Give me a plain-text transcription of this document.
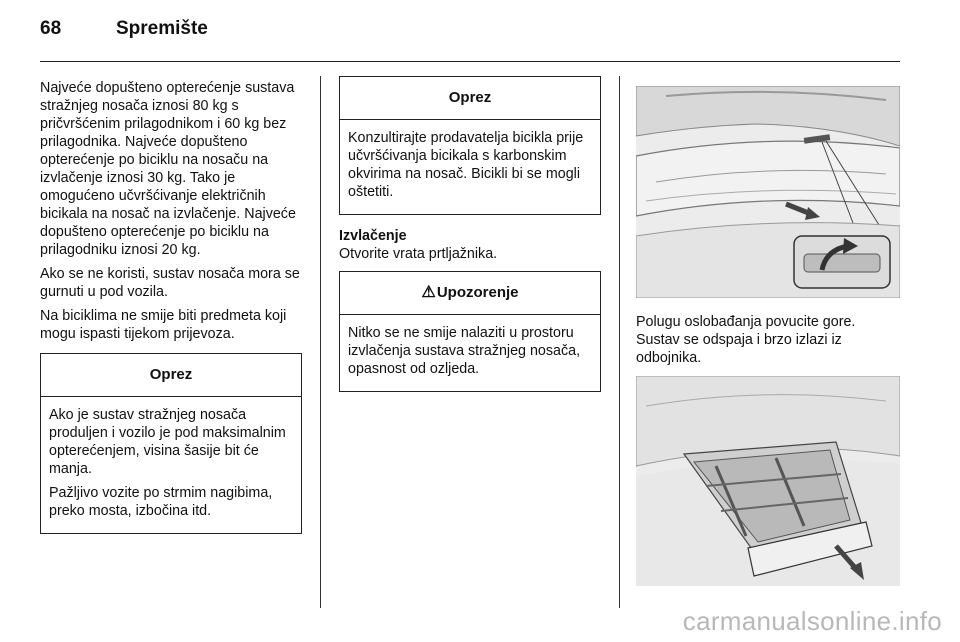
68	Spremište

Najveće dopušteno opterećenje sustava stražnjeg nosača iznosi 80 kg s pričvršćenim prilagodnikom i 60 kg bez prilagodnika. Najveće dopušteno opterećenje po biciklu na nosaču na izvlačenje iznosi 30 kg. Tako je omogućeno učvršćivanje električnih bicikala na nosač na izvlačenje. Najveće dopušteno opterećenje po biciklu na prilagodniku iznosi 20 kg.

Ako se ne koristi, sustav nosača mora se gurnuti u pod vozila.

Na biciklima ne smije biti predmeta koji mogu ispasti tijekom prijevoza.

Oprez

Ako je sustav stražnjeg nosača produljen i vozilo je pod maksimalnim opterećenjem, visina šasije bit će manja.

Pažljivo vozite po strmim nagibima, preko mosta, izbočina itd.

Oprez

Konzultirajte prodavatelja bicikla prije učvršćivanja bicikala s karbonskim okvirima na nosač. Bicikli bi se mogli oštetiti.

Izvlačenje
Otvorite vrata prtljažnika.
⚠Upozorenje

Nitko se ne smije nalaziti u prostoru izvlačenja sustava stražnjeg nosača, opasnost od ozljeda.

Polugu oslobađanja povucite gore. Sustav se odspaja i brzo izlazi iz odbojnika.
carmanualsonline.info
